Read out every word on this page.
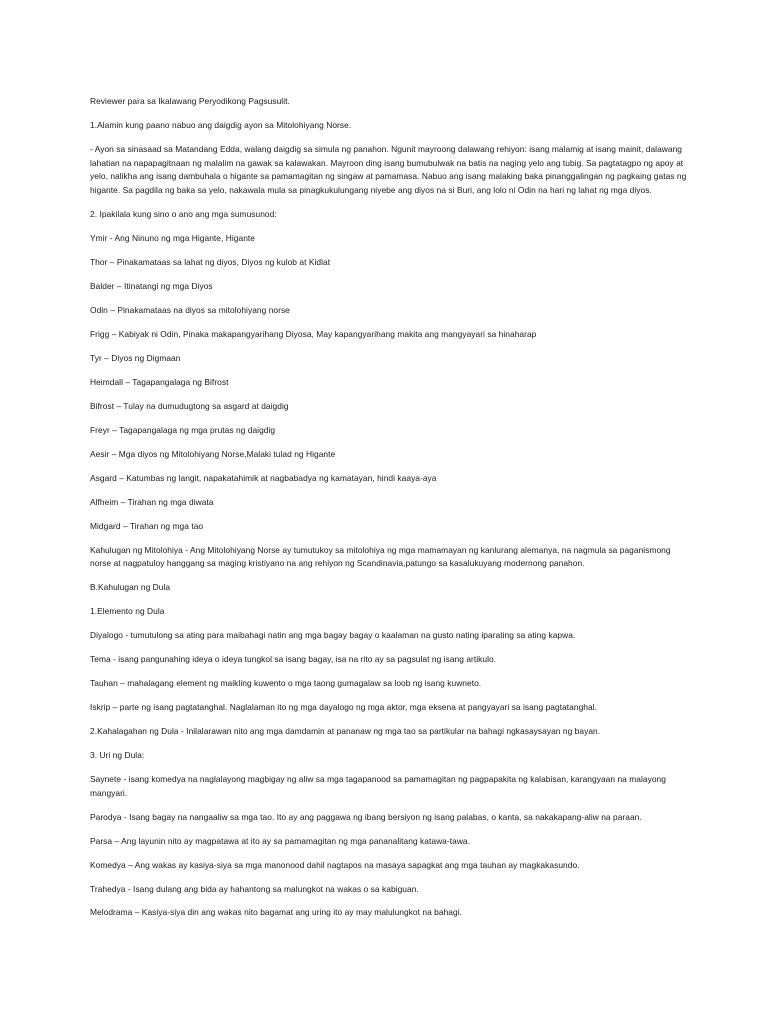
Reviewer para sa Ikalawang Peryodikong Pagsusulit.

1.Alamin kung paano nabuo ang daigdig ayon sa Mitolohiyang Norse.

- Ayon sa sinasaad sa Matandang Edda, walang daigdig sa simula ng panahon. Ngunit mayroong dalawang rehiyon: isang malamig at isang mainit, dalawang lahatian na napapagitnaan ng malalim na gawak sa kalawakan. Mayroon ding isang bumubulwak na batis na naging yelo ang tubig. Sa pagtatagpo ng apoy at yelo, nalikha ang isang dambuhala o higante sa pamamagitan ng singaw at pamamasa. Nabuo ang isang malaking baka pinanggalingan ng pagkaing gatas ng higante. Sa pagdila ng baka sa yelo, nakawala mula sa pinagkukulungang niyebe ang diyos na si Buri, ang lolo ni Odin na hari ng lahat ng mga diyos.

2. Ipakilala kung sino o ano ang mga sumusunod:

Ymir - Ang Ninuno ng mga Higante, Higante

Thor – Pinakamataas sa lahat ng diyos, Diyos ng kulob at Kidlat

Balder – Itinatangi ng mga Diyos

Odin – Pinakamataas na diyos sa mitolohiyang norse

Frigg – Kabiyak ni Odin, Pinaka makapangyarihang Diyosa, May kapangyarihang makita ang mangyayari sa hinaharap

Tyr – Diyos ng Digmaan

Heimdall – Tagapangalaga ng Bifrost

Bifrost – Tulay na dumudugtong sa asgard at daigdig

Freyr – Tagapangalaga ng mga prutas ng daigdig

Aesir – Mga diyos ng Mitolohiyang Norse,Malaki tulad ng Higante

Asgard – Katumbas ng langit, napakatahimik at nagbabadya ng kamatayan, hindi kaaya-aya

Alfheim – Tirahan ng mga diwata

Midgard – Tirahan ng mga tao

Kahulugan ng Mitolohiya - Ang Mitolohiyang Norse ay tumutukoy sa mitolohiya ng mga mamamayan ng kanlurang alemanya, na nagmula sa paganismong norse at nagpatuloy hanggang sa maging kristiyano na ang rehiyon ng Scandinavia,patungo sa kasalukuyang modernong panahon.

B.Kahulugan ng Dula

1.Elemento ng Dula

Diyalogo - tumutulong sa ating para maibahagi natin ang mga bagay bagay o kaalaman na gusto nating iparating sa ating kapwa.

Tema - isang pangunahing ideya o ideya tungkol sa isang bagay, isa na rito ay sa pagsulat ng isang artikulo.

Tauhan – mahalagang element ng maikling kuwento o mga taong gumagalaw sa loob ng isang kuwneto.

Iskrip – parte ng isang pagtatanghal. Naglalaman ito ng mga dayalogo ng mga aktor, mga eksena at pangyayari sa isang pagtatanghal.

2.Kahalagahan ng Dula - Inilalarawan nito ang mga damdamin at pananaw ng mga tao sa partikular na bahagi ngkasaysayan ng bayan.

3. Uri ng Dula:

Saynete - isang komedya na naglalayong magbigay ng aliw sa mga tagapanood sa pamamagitan ng pagpapakita ng kalabisan, karangyaan na malayong mangyari.

Parodya - Isang bagay na nangaaliw sa mga tao. Ito ay ang paggawa ng ibang bersiyon ng isang palabas, o kanta, sa nakakapang-aliw na paraan.

Parsa – Ang layunin nito ay magpatawa at ito ay sa pamamagitan ng mga pananalitang katawa-tawa.

Komedya – Ang wakas ay kasiya-siya sa mga manonood dahil nagtapos na masaya sapagkat ang mga tauhan ay magkakasundo.

Trahedya - Isang dulang ang bida ay hahantong sa malungkot na wakas o sa kabiguan.

Melodrama – Kasiya-siya din ang wakas nito bagamat ang uring ito ay may malulungkot na bahagi.
